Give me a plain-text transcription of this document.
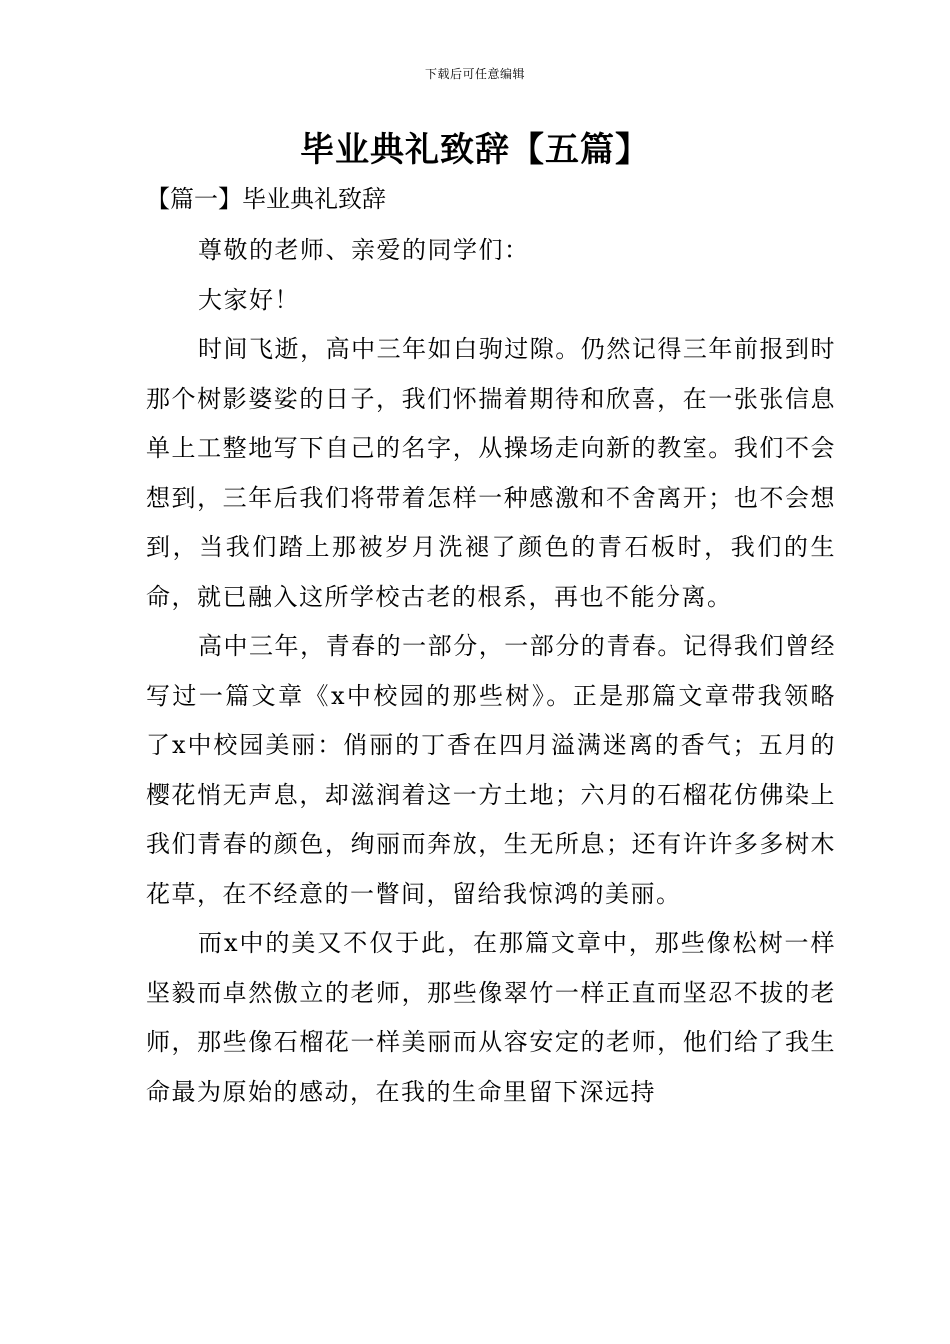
下载后可任意编辑
毕业典礼致辞【五篇】
【篇一】毕业典礼致辞

尊敬的老师、亲爱的同学们：

大家好！

时间飞逝，高中三年如白驹过隙。仍然记得三年前报到时那个树影婆娑的日子，我们怀揣着期待和欣喜，在一张张信息单上工整地写下自己的名字，从操场走向新的教室。我们不会想到，三年后我们将带着怎样一种感激和不舍离开；也不会想到，当我们踏上那被岁月洗褪了颜色的青石板时，我们的生命，就已融入这所学校古老的根系，再也不能分离。

高中三年，青春的一部分，一部分的青春。记得我们曾经写过一篇文章《x中校园的那些树》。正是那篇文章带我领略了x中校园美丽：俏丽的丁香在四月溢满迷离的香气；五月的樱花悄无声息，却滋润着这一方土地；六月的石榴花仿佛染上我们青春的颜色，绚丽而奔放，生无所息；还有许许多多树木花草，在不经意的一瞥间，留给我惊鸿的美丽。

而x中的美又不仅于此，在那篇文章中，那些像松树一样坚毅而卓然傲立的老师，那些像翠竹一样正直而坚忍不拔的老师，那些像石榴花一样美丽而从容安定的老师，他们给了我生命最为原始的感动，在我的生命里留下深远持
